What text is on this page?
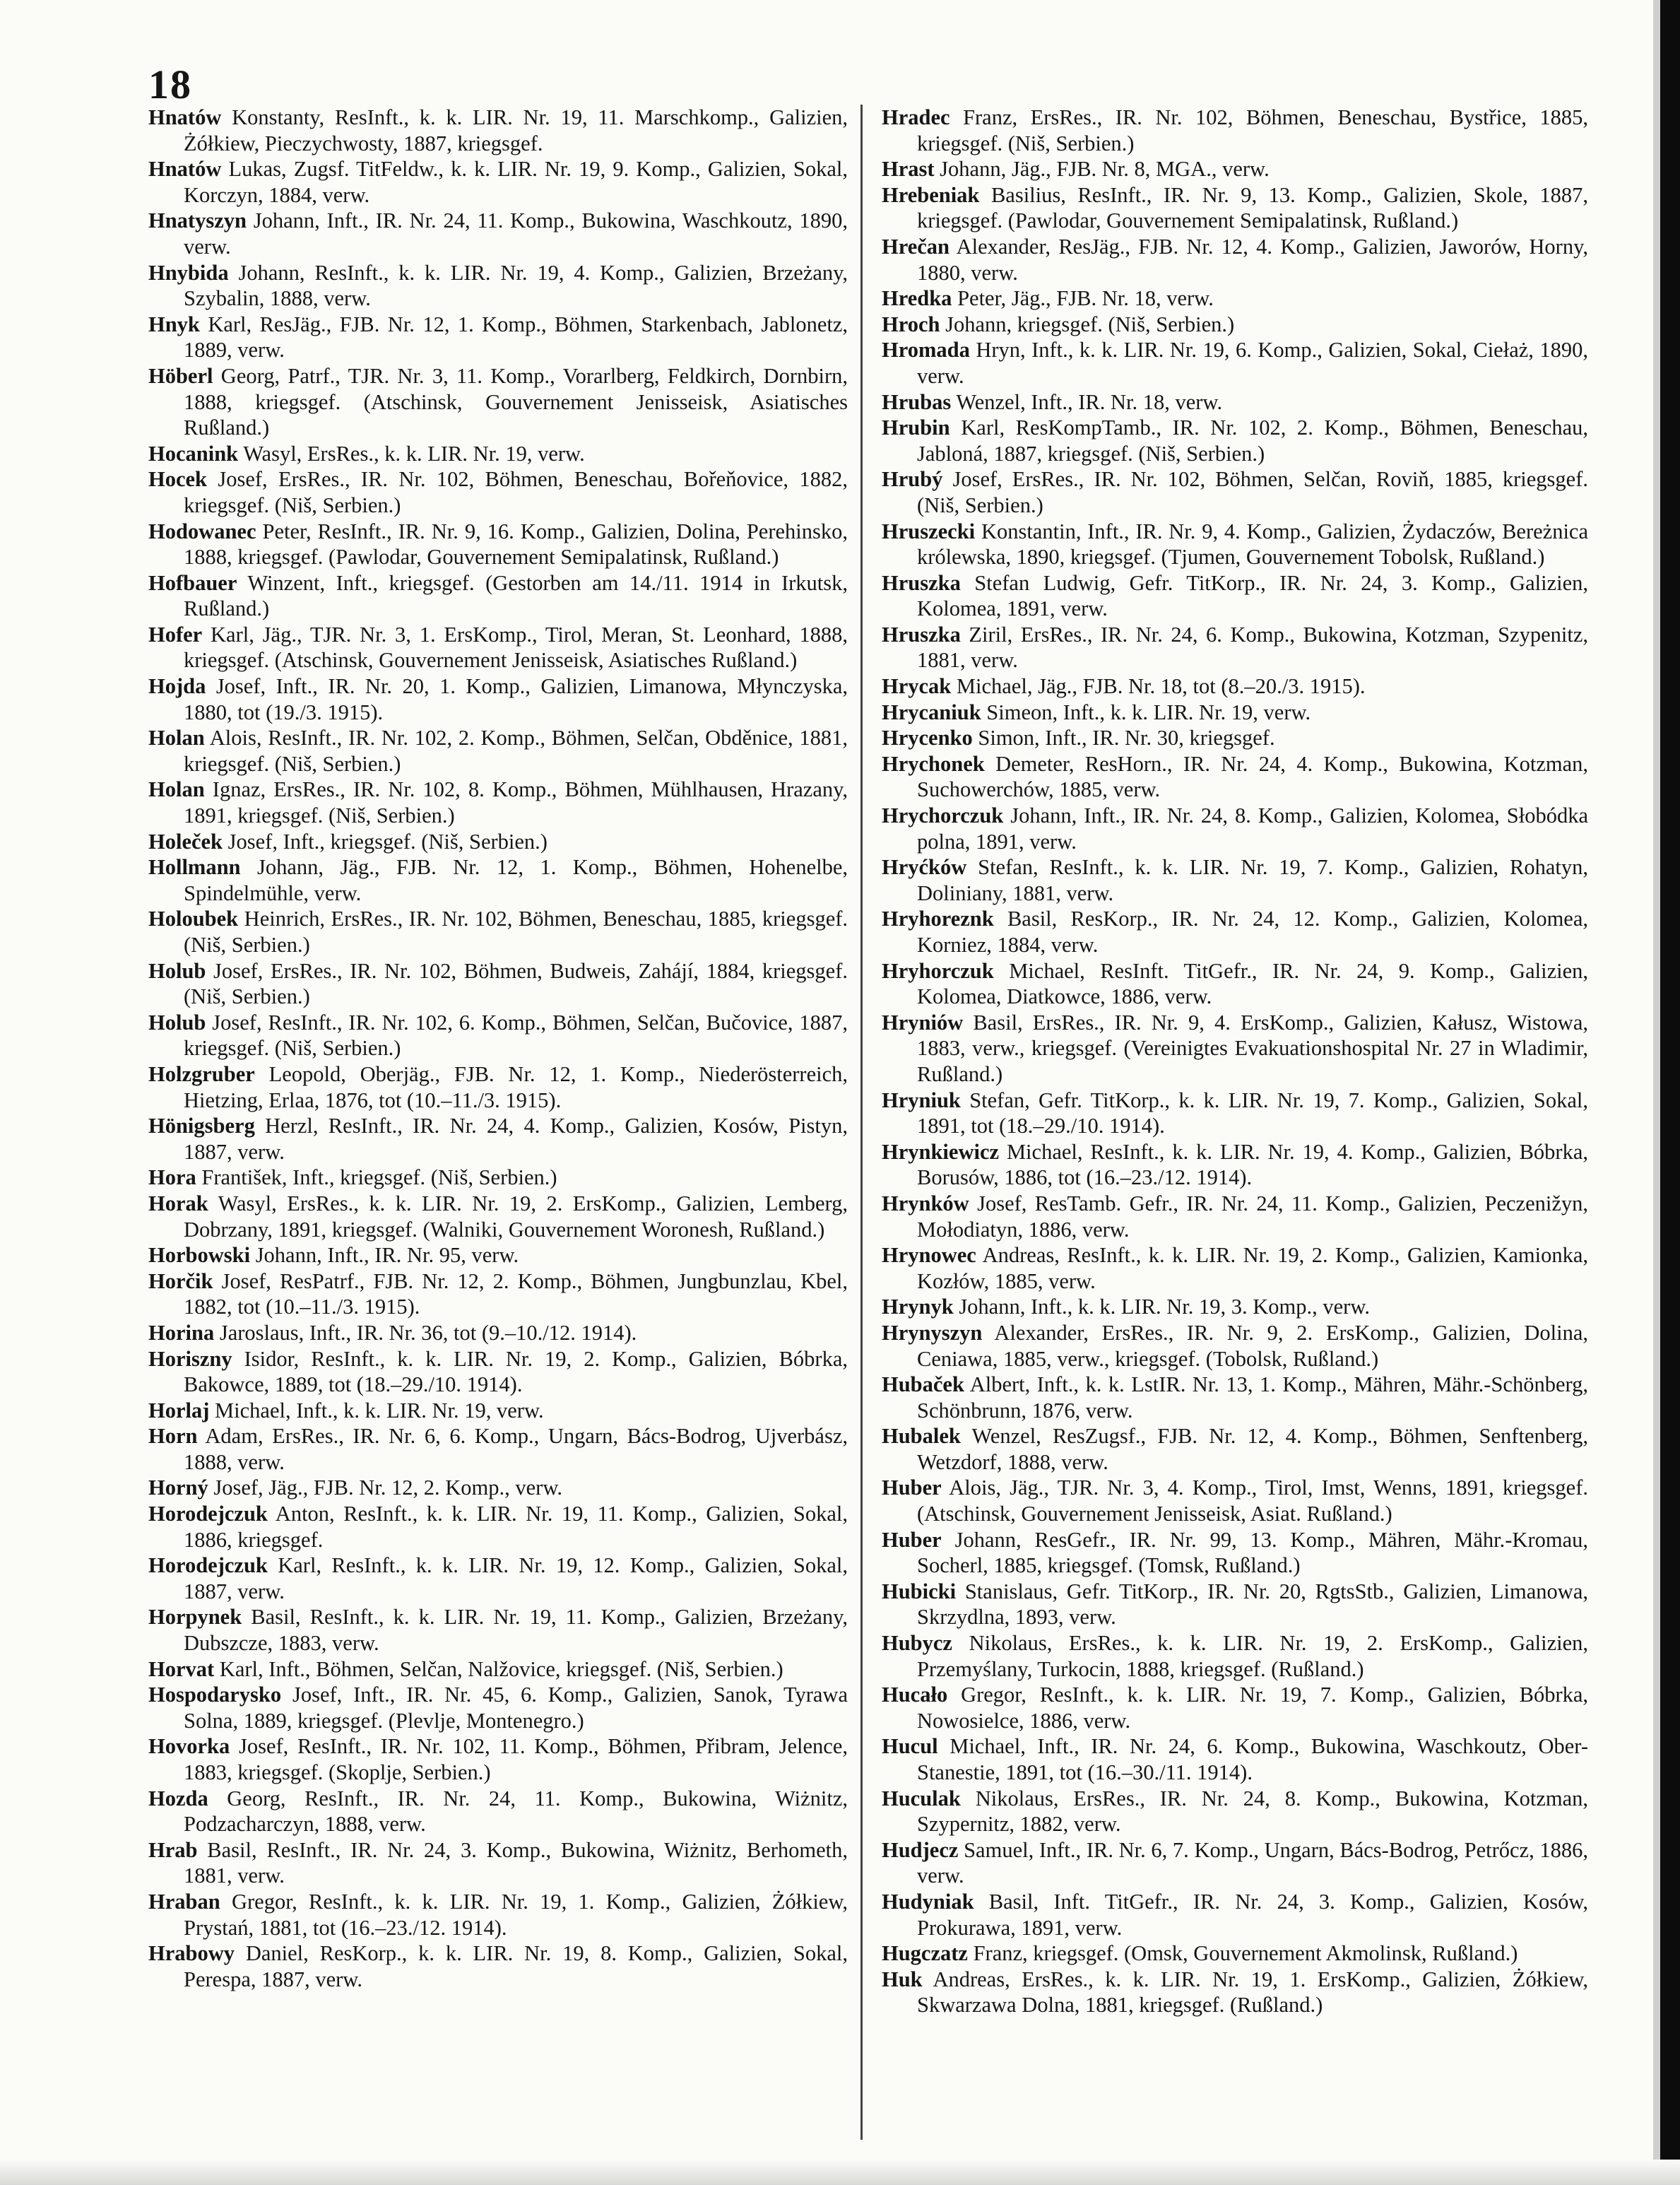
18
Hnatów Konstanty, ResInft., k. k. LIR. Nr. 19, 11. Marschkomp., Galizien, Żółkiew, Pieczychwosty, 1887, kriegsgef.
Hnatów Lukas, Zugsf. TitFeldw., k. k. LIR. Nr. 19, 9. Komp., Galizien, Sokal, Korczyn, 1884, verw.
Hnatyszyn Johann, Inft., IR. Nr. 24, 11. Komp., Bukowina, Waschkoutz, 1890, verw.
Hnybida Johann, ResInft., k. k. LIR. Nr. 19, 4. Komp., Galizien, Brzeżany, Szybalin, 1888, verw.
Hnyk Karl, ResJäg., FJB. Nr. 12, 1. Komp., Böhmen, Starkenbach, Jablonetz, 1889, verw.
Höberl Georg, Patrf., TJR. Nr. 3, 11. Komp., Vorarlberg, Feldkirch, Dornbirn, 1888, kriegsgef. (Atschinsk, Gouvernement Jenisseisk, Asiatisches Rußland.)
Hocanink Wasyl, ErsRes., k. k. LIR. Nr. 19, verw.
Hocek Josef, ErsRes., IR. Nr. 102, Böhmen, Beneschau, Bořeňovice, 1882, kriegsgef. (Niš, Serbien.)
Hodowanec Peter, ResInft., IR. Nr. 9, 16. Komp., Galizien, Dolina, Perehinsko, 1888, kriegsgef. (Pawlodar, Gouvernement Semipalatinsk, Rußland.)
Hofbauer Winzent, Inft., kriegsgef. (Gestorben am 14./11. 1914 in Irkutsk, Rußland.)
Hofer Karl, Jäg., TJR. Nr. 3, 1. ErsKomp., Tirol, Meran, St. Leonhard, 1888, kriegsgef. (Atschinsk, Gouvernement Jenisseisk, Asiatisches Rußland.)
Hojda Josef, Inft., IR. Nr. 20, 1. Komp., Galizien, Limanowa, Młynczyska, 1880, tot (19./3. 1915).
Holan Alois, ResInft., IR. Nr. 102, 2. Komp., Böhmen, Selčan, Obděnice, 1881, kriegsgef. (Niš, Serbien.)
Holan Ignaz, ErsRes., IR. Nr. 102, 8. Komp., Böhmen, Mühlhausen, Hrazany, 1891, kriegsgef. (Niš, Serbien.)
Holeček Josef, Inft., kriegsgef. (Niš, Serbien.)
Hollmann Johann, Jäg., FJB. Nr. 12, 1. Komp., Böhmen, Hohenelbe, Spindelmühle, verw.
Holoubek Heinrich, ErsRes., IR. Nr. 102, Böhmen, Beneschau, 1885, kriegsgef. (Niš, Serbien.)
Holub Josef, ErsRes., IR. Nr. 102, Böhmen, Budweis, Zahájí, 1884, kriegsgef. (Niš, Serbien.)
Holub Josef, ResInft., IR. Nr. 102, 6. Komp., Böhmen, Selčan, Bučovice, 1887, kriegsgef. (Niš, Serbien.)
Holzgruber Leopold, Oberjäg., FJB. Nr. 12, 1. Komp., Niederösterreich, Hietzing, Erlaa, 1876, tot (10.–11./3. 1915).
Hönigsberg Herzl, ResInft., IR. Nr. 24, 4. Komp., Galizien, Kosów, Pistyn, 1887, verw.
Hora František, Inft., kriegsgef. (Niš, Serbien.)
Horak Wasyl, ErsRes., k. k. LIR. Nr. 19, 2. ErsKomp., Galizien, Lemberg, Dobrzany, 1891, kriegsgef. (Walniki, Gouvernement Woronesh, Rußland.)
Horbowski Johann, Inft., IR. Nr. 95, verw.
Horčik Josef, ResPatrf., FJB. Nr. 12, 2. Komp., Böhmen, Jungbunzlau, Kbel, 1882, tot (10.–11./3. 1915).
Horina Jaroslaus, Inft., IR. Nr. 36, tot (9.–10./12. 1914).
Horiszny Isidor, ResInft., k. k. LIR. Nr. 19, 2. Komp., Galizien, Bóbrka, Bakowce, 1889, tot (18.–29./10. 1914).
Horlaj Michael, Inft., k. k. LIR. Nr. 19, verw.
Horn Adam, ErsRes., IR. Nr. 6, 6. Komp., Ungarn, Bács-Bodrog, Ujverbász, 1888, verw.
Horný Josef, Jäg., FJB. Nr. 12, 2. Komp., verw.
Horodejczuk Anton, ResInft., k. k. LIR. Nr. 19, 11. Komp., Galizien, Sokal, 1886, kriegsgef.
Horodejczuk Karl, ResInft., k. k. LIR. Nr. 19, 12. Komp., Galizien, Sokal, 1887, verw.
Horpynek Basil, ResInft., k. k. LIR. Nr. 19, 11. Komp., Galizien, Brzeżany, Dubszcze, 1883, verw.
Horvat Karl, Inft., Böhmen, Selčan, Nalžovice, kriegsgef. (Niš, Serbien.)
Hospodarysko Josef, Inft., IR. Nr. 45, 6. Komp., Galizien, Sanok, Tyrawa Solna, 1889, kriegsgef. (Plevlje, Montenegro.)
Hovorka Josef, ResInft., IR. Nr. 102, 11. Komp., Böhmen, Přibram, Jelence, 1883, kriegsgef. (Skoplje, Serbien.)
Hozda Georg, ResInft., IR. Nr. 24, 11. Komp., Bukowina, Wiżnitz, Podzacharczyn, 1888, verw.
Hrab Basil, ResInft., IR. Nr. 24, 3. Komp., Bukowina, Wiżnitz, Berhometh, 1881, verw.
Hraban Gregor, ResInft., k. k. LIR. Nr. 19, 1. Komp., Galizien, Żółkiew, Prystań, 1881, tot (16.–23./12. 1914).
Hrabowy Daniel, ResKorp., k. k. LIR. Nr. 19, 8. Komp., Galizien, Sokal, Perespa, 1887, verw.
Hradec Franz, ErsRes., IR. Nr. 102, Böhmen, Beneschau, Bystřice, 1885, kriegsgef. (Niš, Serbien.)
Hrast Johann, Jäg., FJB. Nr. 8, MGA., verw.
Hrebeniak Basilius, ResInft., IR. Nr. 9, 13. Komp., Galizien, Skole, 1887, kriegsgef. (Pawlodar, Gouvernement Semipalatinsk, Rußland.)
Hrečan Alexander, ResJäg., FJB. Nr. 12, 4. Komp., Galizien, Jaworów, Horny, 1880, verw.
Hredka Peter, Jäg., FJB. Nr. 18, verw.
Hroch Johann, kriegsgef. (Niš, Serbien.)
Hromada Hryn, Inft., k. k. LIR. Nr. 19, 6. Komp., Galizien, Sokal, Ciełaż, 1890, verw.
Hrubas Wenzel, Inft., IR. Nr. 18, verw.
Hrubin Karl, ResKompTamb., IR. Nr. 102, 2. Komp., Böhmen, Beneschau, Jabloná, 1887, kriegsgef. (Niš, Serbien.)
Hrubý Josef, ErsRes., IR. Nr. 102, Böhmen, Selčan, Roviň, 1885, kriegsgef. (Niš, Serbien.)
Hruszecki Konstantin, Inft., IR. Nr. 9, 4. Komp., Galizien, Żydaczów, Bereżnica królewska, 1890, kriegsgef. (Tjumen, Gouvernement Tobolsk, Rußland.)
Hruszka Stefan Ludwig, Gefr. TitKorp., IR. Nr. 24, 3. Komp., Galizien, Kolomea, 1891, verw.
Hruszka Ziril, ErsRes., IR. Nr. 24, 6. Komp., Bukowina, Kotzman, Szypenitz, 1881, verw.
Hrycak Michael, Jäg., FJB. Nr. 18, tot (8.–20./3. 1915).
Hrycaniuk Simeon, Inft., k. k. LIR. Nr. 19, verw.
Hrycenko Simon, Inft., IR. Nr. 30, kriegsgef.
Hrychonek Demeter, ResHorn., IR. Nr. 24, 4. Komp., Bukowina, Kotzman, Suchowerchów, 1885, verw.
Hrychorczuk Johann, Inft., IR. Nr. 24, 8. Komp., Galizien, Kolomea, Słobódka polna, 1891, verw.
Hryćków Stefan, ResInft., k. k. LIR. Nr. 19, 7. Komp., Galizien, Rohatyn, Doliniany, 1881, verw.
Hryhoreznk Basil, ResKorp., IR. Nr. 24, 12. Komp., Galizien, Kolomea, Korniez, 1884, verw.
Hryhorczuk Michael, ResInft. TitGefr., IR. Nr. 24, 9. Komp., Galizien, Kolomea, Diatkowce, 1886, verw.
Hryniów Basil, ErsRes., IR. Nr. 9, 4. ErsKomp., Galizien, Kałusz, Wistowa, 1883, verw., kriegsgef. (Vereinigtes Evakuationshospital Nr. 27 in Wladimir, Rußland.)
Hryniuk Stefan, Gefr. TitKorp., k. k. LIR. Nr. 19, 7. Komp., Galizien, Sokal, 1891, tot (18.–29./10. 1914).
Hrynkiewicz Michael, ResInft., k. k. LIR. Nr. 19, 4. Komp., Galizien, Bóbrka, Borusów, 1886, tot (16.–23./12. 1914).
Hrynków Josef, ResTamb. Gefr., IR. Nr. 24, 11. Komp., Galizien, Peczenižyn, Mołodiatyn, 1886, verw.
Hrynowec Andreas, ResInft., k. k. LIR. Nr. 19, 2. Komp., Galizien, Kamionka, Kozłów, 1885, verw.
Hrynyk Johann, Inft., k. k. LIR. Nr. 19, 3. Komp., verw.
Hrynyszyn Alexander, ErsRes., IR. Nr. 9, 2. ErsKomp., Galizien, Dolina, Ceniawa, 1885, verw., kriegsgef. (Tobolsk, Rußland.)
Hubaček Albert, Inft., k. k. LstIR. Nr. 13, 1. Komp., Mähren, Mähr.-Schönberg, Schönbrunn, 1876, verw.
Hubalek Wenzel, ResZugsf., FJB. Nr. 12, 4. Komp., Böhmen, Senftenberg, Wetzdorf, 1888, verw.
Huber Alois, Jäg., TJR. Nr. 3, 4. Komp., Tirol, Imst, Wenns, 1891, kriegsgef. (Atschinsk, Gouvernement Jenisseisk, Asiat. Rußland.)
Huber Johann, ResGefr., IR. Nr. 99, 13. Komp., Mähren, Mähr.-Kromau, Socherl, 1885, kriegsgef. (Tomsk, Rußland.)
Hubicki Stanislaus, Gefr. TitKorp., IR. Nr. 20, RgtsStb., Galizien, Limanowa, Skrzydlna, 1893, verw.
Hubycz Nikolaus, ErsRes., k. k. LIR. Nr. 19, 2. ErsKomp., Galizien, Przemyślany, Turkocin, 1888, kriegsgef. (Rußland.)
Hucało Gregor, ResInft., k. k. LIR. Nr. 19, 7. Komp., Galizien, Bóbrka, Nowosielce, 1886, verw.
Hucul Michael, Inft., IR. Nr. 24, 6. Komp., Bukowina, Waschkoutz, Ober-Stanestie, 1891, tot (16.–30./11. 1914).
Huculak Nikolaus, ErsRes., IR. Nr. 24, 8. Komp., Bukowina, Kotzman, Szypernitz, 1882, verw.
Hudjecz Samuel, Inft., IR. Nr. 6, 7. Komp., Ungarn, Bács-Bodrog, Petrőcz, 1886, verw.
Hudyniak Basil, Inft. TitGefr., IR. Nr. 24, 3. Komp., Galizien, Kosów, Prokurawa, 1891, verw.
Hugczatz Franz, kriegsgef. (Omsk, Gouvernement Akmolinsk, Rußland.)
Huk Andreas, ErsRes., k. k. LIR. Nr. 19, 1. ErsKomp., Galizien, Żółkiew, Skwarzawa Dolna, 1881, kriegsgef. (Rußland.)
